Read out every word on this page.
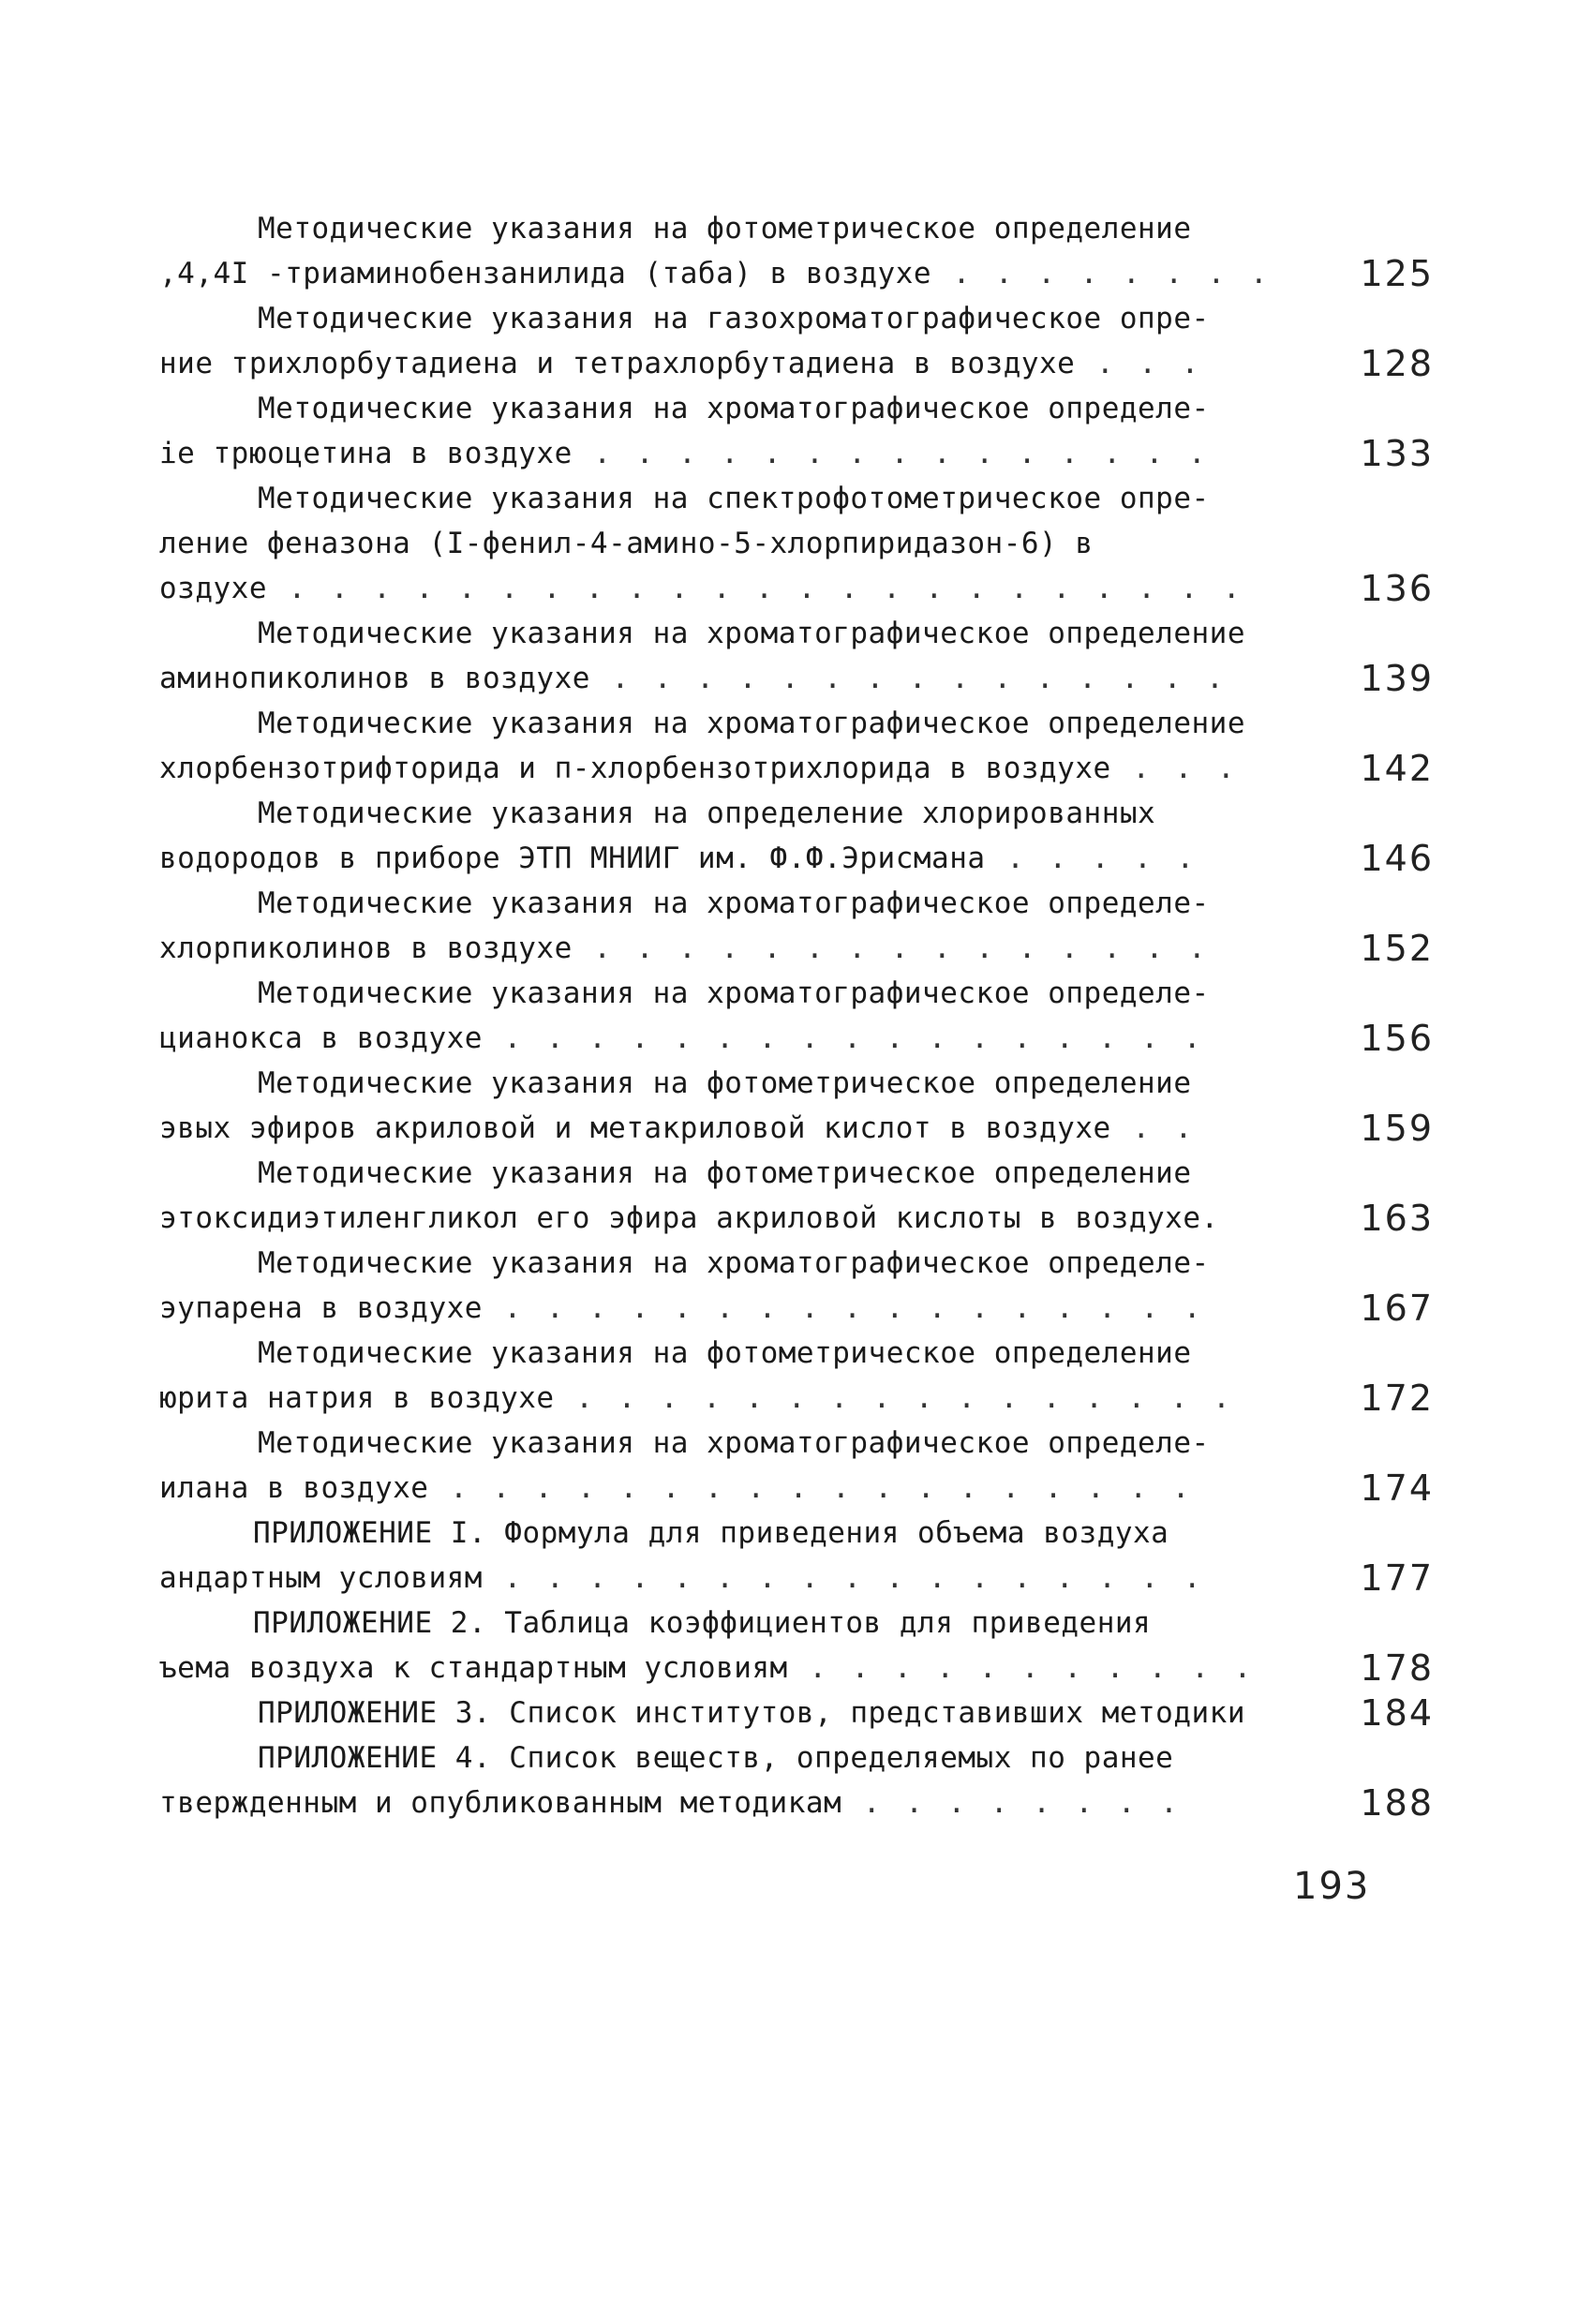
Методические указания на фотометрическое определение
,4,4I -триаминобензанилида (таба) в воздухе . . . . . . . .	125
Методические указания на газохроматографическое опре-
ние трихлорбутадиена и тетрахлорбутадиена в воздухе . . .	128
Методические указания на хроматографическое определе-
ie трюоцетина в воздухе . . . . . . . . . . . . . . .	133
Методические указания на спектрофотометрическое опре-
ление феназона (I-фенил-4-амино-5-хлорпиридазон-6) в
оздухе . . . . . . . . . . . . . . . . . . . . . . .	136
Методические указания на хроматографическое определение
аминопиколинов в воздухе . . . . . . . . . . . . . . .	139
Методические указания на хроматографическое определение
хлорбензотрифторида и п-хлорбензотрихлорида в воздухе . . .	142
Методические указания на определение хлорированных
водородов в приборе ЭТП МНИИГ им. Ф.Ф.Эрисмана . . . . .	146
Методические указания на хроматографическое определе-
хлорпиколинов в воздухе . . . . . . . . . . . . . . .	152
Методические указания на хроматографическое определе-
цианокса в воздухе . . . . . . . . . . . . . . . . .	156
Методические указания на фотометрическое определение
эвых эфиров акриловой и метакриловой кислот в воздухе . .	159
Методические указания на фотометрическое определение
этоксидиэтиленгликол его эфира акриловой кислоты в воздухе.	163
Методические указания на хроматографическое определе-
эупарена в воздухе . . . . . . . . . . . . . . . . .	167
Методические указания на фотометрическое определение
юрита натрия в воздухе . . . . . . . . . . . . . . . .	172
Методические указания на хроматографическое определе-
илана в воздухе . . . . . . . . . . . . . . . . . .	174
ПРИЛОЖЕНИЕ I. Формула для приведения объема воздуха
андартным условиям . . . . . . . . . . . . . . . . .	177
ПРИЛОЖЕНИЕ 2. Таблица коэффициентов для приведения
ъема воздуха к стандартным условиям . . . . . . . . . . .	178
ПРИЛОЖЕНИЕ 3. Список институтов, представивших методики	184
ПРИЛОЖЕНИЕ 4. Список веществ, определяемых по ранее
твержденным и опубликованным методикам . . . . . . . .	188
193
